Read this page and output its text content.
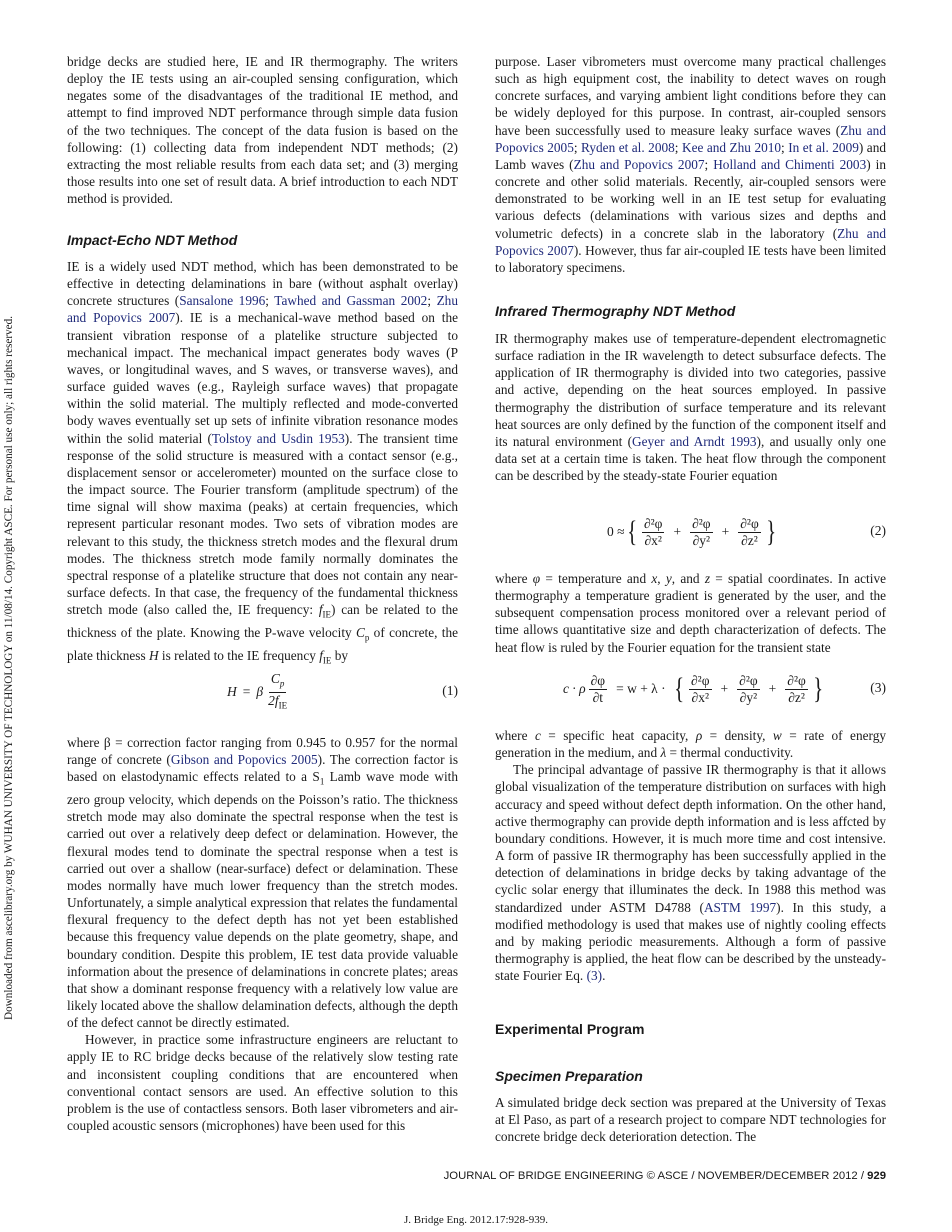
Downloaded from ascelibrary.org by WUHAN UNIVERSITY OF TECHNOLOGY on 11/08/14. Copyright ASCE. For personal use only; all rights reserved.

bridge decks are studied here, IE and IR thermography. The writers deploy the IE tests using an air-coupled sensing configuration, which negates some of the disadvantages of the traditional IE method, and attempt to find improved NDT performance through simple data fusion of the two techniques. The concept of the data fusion is based on the following: (1) collecting data from independent NDT methods; (2) extracting the most reliable results from each data set; and (3) merging those results into one set of result data. A brief introduction to each NDT method is provided.

Impact-Echo NDT Method

IE is a widely used NDT method, which has been demonstrated to be effective in detecting delaminations in bare (without asphalt overlay) concrete structures (Sansalone 1996; Tawhed and Gassman 2002; Zhu and Popovics 2007). IE is a mechanical-wave method based on the transient vibration response of a platelike structure subjected to mechanical impact. The mechanical impact generates body waves (P waves, or longitudinal waves, and S waves, or transverse waves), and surface guided waves (e.g., Rayleigh surface waves) that propagate within the solid material. The multiply reflected and mode-converted body waves eventually set up sets of infinite vibration resonance modes within the solid material (Tolstoy and Usdin 1953). The transient time response of the solid structure is measured with a contact sensor (e.g., displacement sensor or accelerometer) mounted on the surface close to the impact source. The Fourier transform (amplitude spectrum) of the time signal will show maxima (peaks) at certain frequencies, which represent particular resonant modes. Two sets of vibration modes are relevant to this study, the thickness stretch modes and the flexural drum modes. The thickness stretch mode family normally dominates the spectral response of a platelike structure that does not contain any near-surface defects. In that case, the frequency of the fundamental thickness stretch mode (also called the, IE frequency: $f_{IE}$) can be related to the thickness of the plate. Knowing the P-wave velocity $C_p$ of concrete, the plate thickness H is related to the IE frequency $f_{IE}$ by

H = β $\frac{C_p}{2f_{IE}}$	(1)

where β = correction factor ranging from 0.945 to 0.957 for the normal range of concrete (Gibson and Popovics 2005). The correction factor is based on elastodynamic effects related to a $S_1$ Lamb wave mode with zero group velocity, which depends on the Poisson’s ratio. The thickness stretch mode may also dominate the spectral response when the test is carried out over a relatively deep defect or delamination. However, the flexural modes tend to dominate the spectral response when a test is carried out over a shallow (near-surface) defect or delamination. These modes normally have much lower frequency than the stretch modes. Unfortunately, a simple analytical expression that relates the fundamental flexural frequency to the defect depth has not yet been established because this frequency value depends on the plate geometry, shape, and boundary condition. Despite this problem, IE test data provide valuable information about the presence of delaminations in concrete plates; areas that show a dominant response frequency with a relatively low value are likely located above the shallow delamination defects, although the depth of the defect cannot be directly estimated.

However, in practice some infrastructure engineers are reluctant to apply IE to RC bridge decks because of the relatively slow testing rate and inconsistent coupling conditions that are encountered when conventional contact sensors are used. An effective solution to this problem is the use of contactless sensors. Both laser vibrometers and air-coupled acoustic sensors (microphones) have been used for this

purpose. Laser vibrometers must overcome many practical challenges such as high equipment cost, the inability to detect waves on rough concrete surfaces, and varying ambient light conditions before they can be widely deployed for this purpose. In contrast, air-coupled sensors have been successfully used to measure leaky surface waves (Zhu and Popovics 2005; Ryden et al. 2008; Kee and Zhu 2010; In et al. 2009) and Lamb waves (Zhu and Popovics 2007; Holland and Chimenti 2003) in concrete and other solid materials. Recently, air-coupled sensors were demonstrated to be working well in an IE test setup for evaluating various defects (delaminations with various sizes and depths and volumetric defects) in a concrete slab in the laboratory (Zhu and Popovics 2007). However, thus far air-coupled IE tests have been limited to laboratory specimens.

Infrared Thermography NDT Method

IR thermography makes use of temperature-dependent electromagnetic surface radiation in the IR wavelength to detect subsurface defects. The application of IR thermography is divided into two categories, passive and active, depending on the heat sources employed. In passive thermography the distribution of surface temperature and its relevant heat sources are only defined by the function of the component itself and its natural environment (Geyer and Arndt 1993), and usually only one data set at a certain time is taken. The heat flow through the component can be described by the steady-state Fourier equation

0 ≈ { $\frac{\text{∂²φ}}{\text{∂x²}} + \frac{\text{∂²φ}}{\text{∂y²}} + \frac{\text{∂²φ}}{\text{∂z²}}$ }	(2)

where φ = temperature and x, y, and z = spatial coordinates. In active thermography a temperature gradient is generated by the user, and the subsequent compensation process monitored over a relevant period of time allows quantitative size and depth characterization of defects. The heat flow is ruled by the Fourier equation for the transient state

c · ρ $\frac{\partial\varphi}{\partial t} = w + \lambda$ · { $\frac{\text{∂²φ}}{\text{∂x²}} + \frac{\text{∂²φ}}{\text{∂y²}} + \frac{\text{∂²φ}}{\text{∂z²}}$ }	(3)

where c = specific heat capacity, ρ = density, w = rate of energy generation in the medium, and λ = thermal conductivity.

The principal advantage of passive IR thermography is that it allows global visualization of the temperature distribution on surfaces with high accuracy and speed without defect depth information. On the other hand, active thermography can provide depth information and is less affcted by boundary conditions. However, it is much more time and cost intensive. A form of passive IR thermography has been successfully applied in the detection of delaminations in bridge decks by taking advantage of the cyclic solar energy that illuminates the deck. In 1988 this method was standardized under ASTM D4788 (ASTM 1997). In this study, a modified methodology is used that makes use of nightly cooling effects and by making periodic measurements. Although a form of passive thermography is applied, the heat flow can be described by the unsteady-state Fourier Eq. (3).

Experimental Program
Specimen Preparation

A simulated bridge deck section was prepared at the University of Texas at El Paso, as part of a research project to compare NDT technologies for concrete bridge deck deterioration detection. The

JOURNAL OF BRIDGE ENGINEERING © ASCE / NOVEMBER/DECEMBER 2012 / 929
J. Bridge Eng. 2012.17:928-939.
